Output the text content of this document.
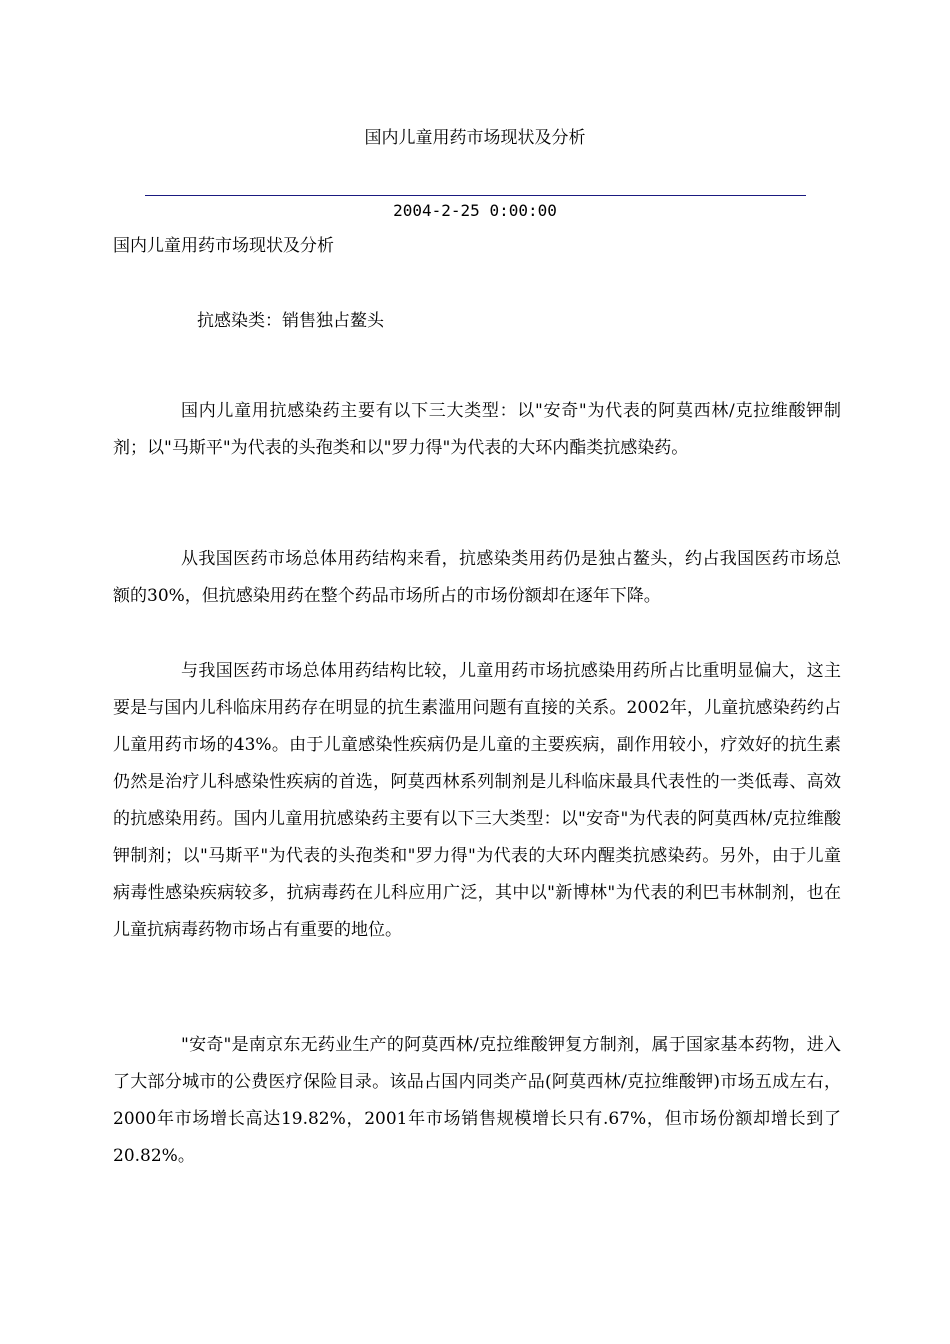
国内儿童用药市场现状及分析
2004-2-25 0:00:00
国内儿童用药市场现状及分析
抗感染类：销售独占鳌头

国内儿童用抗感染药主要有以下三大类型：以"安奇"为代表的阿莫西林/克拉维酸钾制剂；以"马斯平"为代表的头孢类和以"罗力得"为代表的大环内酯类抗感染药。

从我国医药市场总体用药结构来看，抗感染类用药仍是独占鳌头，约占我国医药市场总额的30%，但抗感染用药在整个药品市场所占的市场份额却在逐年下降。

与我国医药市场总体用药结构比较，儿童用药市场抗感染用药所占比重明显偏大，这主要是与国内儿科临床用药存在明显的抗生素滥用问题有直接的关系。2002年，儿童抗感染药约占儿童用药市场的43%。由于儿童感染性疾病仍是儿童的主要疾病，副作用较小，疗效好的抗生素仍然是治疗儿科感染性疾病的首选，阿莫西林系列制剂是儿科临床最具代表性的一类低毒、高效的抗感染用药。国内儿童用抗感染药主要有以下三大类型：以"安奇"为代表的阿莫西林/克拉维酸钾制剂；以"马斯平"为代表的头孢类和"罗力得"为代表的大环内醒类抗感染药。另外，由于儿童病毒性感染疾病较多，抗病毒药在儿科应用广泛，其中以"新博林"为代表的利巴韦林制剂，也在儿童抗病毒药物市场占有重要的地位。

"安奇"是南京东无药业生产的阿莫西林/克拉维酸钾复方制剂，属于国家基本药物，进入了大部分城市的公费医疗保险目录。该品占国内同类产品(阿莫西林/克拉维酸钾)市场五成左右，2000年市场增长高达19.82%，2001年市场销售规模增长只有.67%，但市场份额却增长到了20.82%。
